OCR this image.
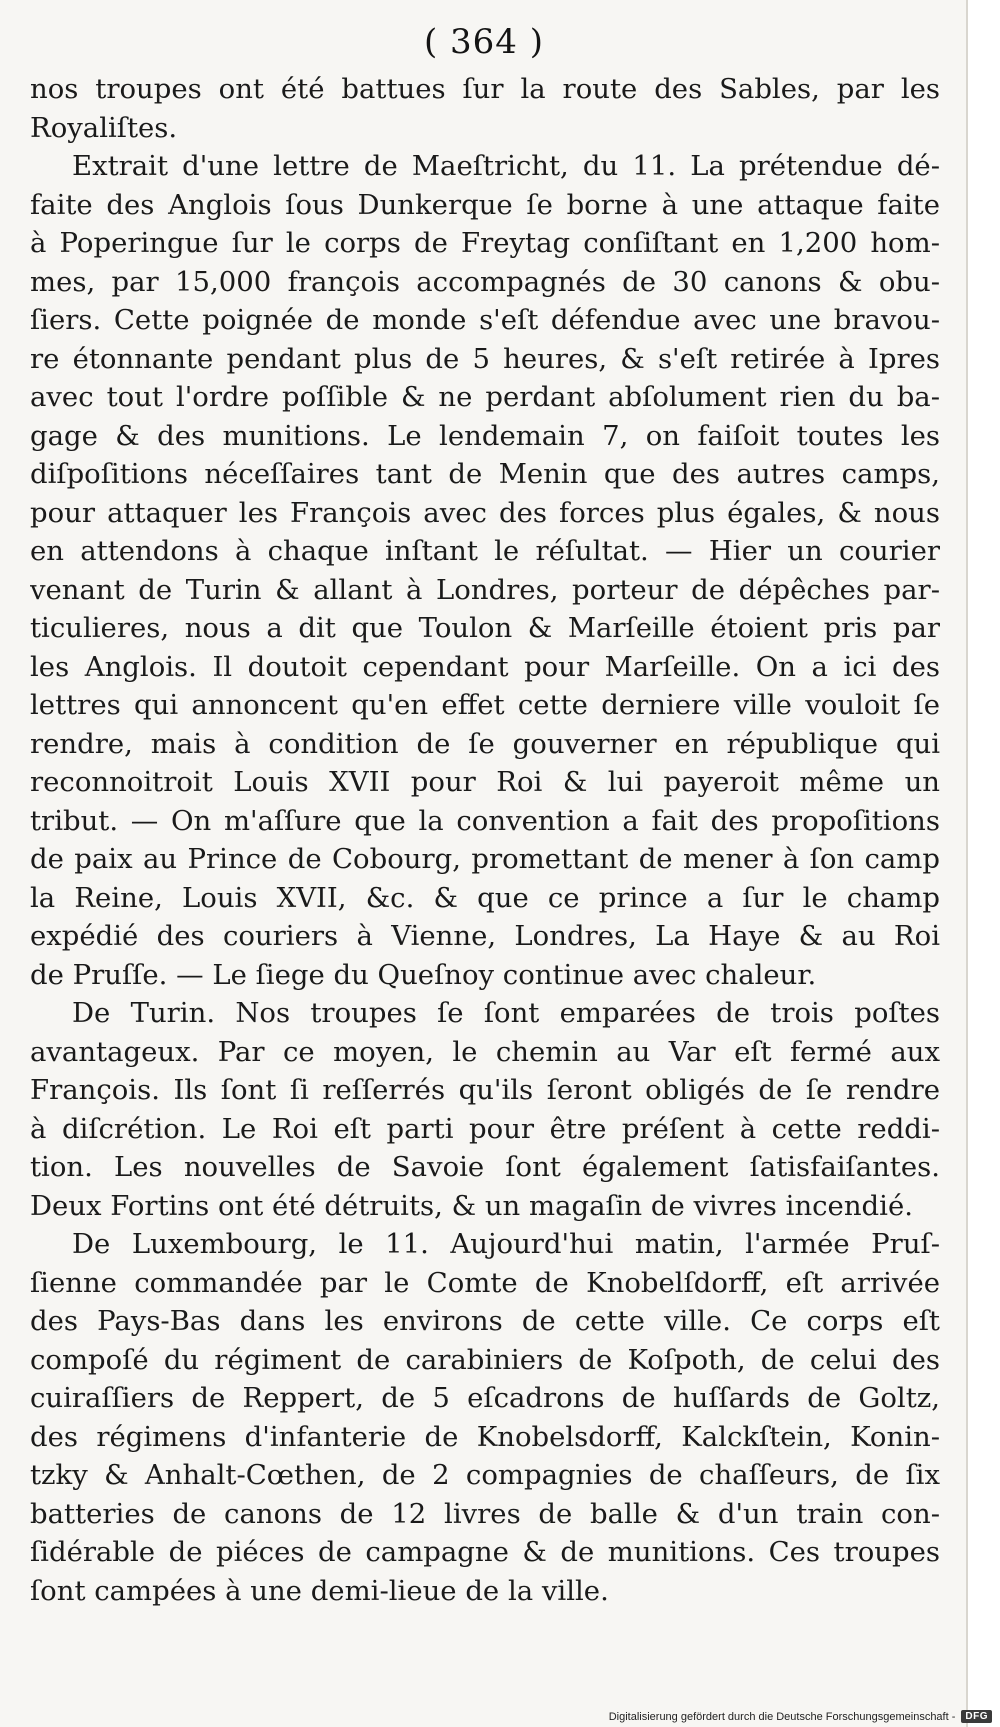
( 364 )
nos troupes ont été battues ſur la route des Sables, par les
Royaliſtes.
Extrait d'une lettre de Maeſtricht, du 11. La prétendue dé-
faite des Anglois ſous Dunkerque ſe borne à une attaque faite
à Poperingue ſur le corps de Freytag conſiſtant en 1,200 hom-
mes, par 15,000 françois accompagnés de 30 canons & obu-
ſiers. Cette poignée de monde s'eſt défendue avec une bravou-
re étonnante pendant plus de 5 heures, & s'eſt retirée à Ipres
avec tout l'ordre poſſible & ne perdant abſolument rien du ba-
gage & des munitions. Le lendemain 7, on faiſoit toutes les
diſpoſitions néceſſaires tant de Menin que des autres camps,
pour attaquer les François avec des forces plus égales, & nous
en attendons à chaque inſtant le réſultat. — Hier un courier
venant de Turin & allant à Londres, porteur de dépêches par-
ticulieres, nous a dit que Toulon & Marſeille étoient pris par
les Anglois. Il doutoit cependant pour Marſeille. On a ici des
lettres qui annoncent qu'en effet cette derniere ville vouloit ſe
rendre, mais à condition de ſe gouverner en république qui
reconnoitroit Louis XVII pour Roi & lui payeroit même un
tribut. — On m'aſſure que la convention a fait des propoſitions
de paix au Prince de Cobourg, promettant de mener à ſon camp
la Reine, Louis XVII, &c. & que ce prince a ſur le champ
expédié des couriers à Vienne, Londres, La Haye & au Roi
de Pruſſe. — Le ſiege du Queſnoy continue avec chaleur.
De Turin. Nos troupes ſe ſont emparées de trois poſtes
avantageux. Par ce moyen, le chemin au Var eſt fermé aux
François. Ils ſont ſi reſſerrés qu'ils ſeront obligés de ſe rendre
à diſcrétion. Le Roi eſt parti pour être préſent à cette reddi-
tion. Les nouvelles de Savoie ſont également ſatisfaiſantes.
Deux Fortins ont été détruits, & un magaſin de vivres incendié.
De Luxembourg, le 11. Aujourd'hui matin, l'armée Pruſ-
ſienne commandée par le Comte de Knobelſdorff, eſt arrivée
des Pays-Bas dans les environs de cette ville. Ce corps eſt
compoſé du régiment de carabiniers de Koſpoth, de celui des
cuiraſſiers de Reppert, de 5 eſcadrons de huſſards de Goltz,
des régimens d'infanterie de Knobelsdorff, Kalckſtein, Konin-
tzky & Anhalt-Cœthen, de 2 compagnies de chaſſeurs, de ſix
batteries de canons de 12 livres de balle & d'un train con-
ſidérable de piéces de campagne & de munitions. Ces troupes
ſont campées à une demi-lieue de la ville.
Digitalisierung gefördert durch die Deutsche Forschungsgemeinschaft -	DFG
